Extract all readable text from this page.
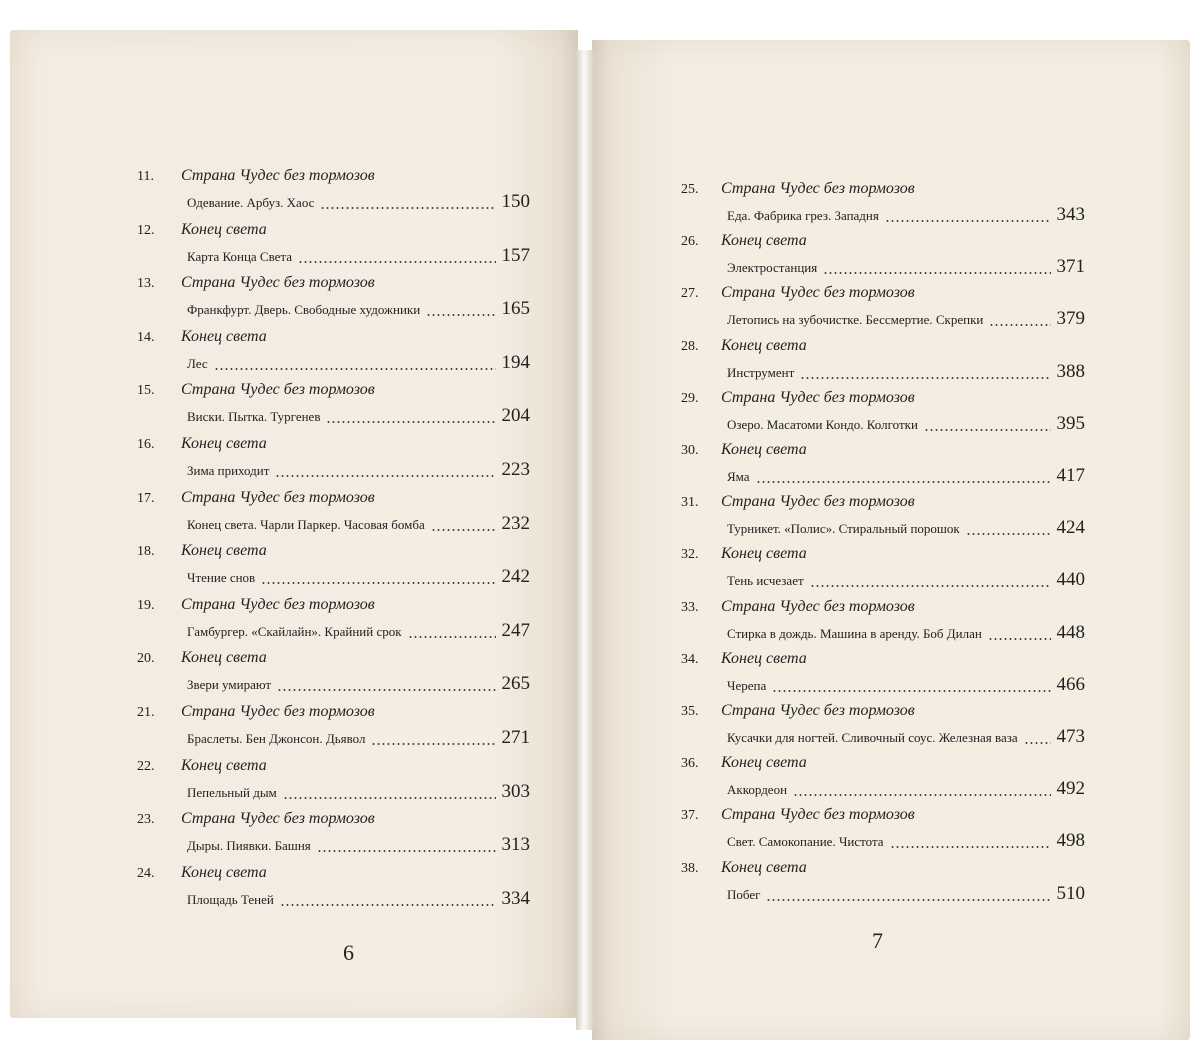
11. Страна Чудес без тормозов
Одевание. Арбуз. Хаос	150
12. Конец света
Карта Конца Света	157
13. Страна Чудес без тормозов
Франкфурт. Дверь. Свободные художники	165
14. Конец света
Лес	194
15. Страна Чудес без тормозов
Виски. Пытка. Тургенев	204
16. Конец света
Зима приходит	223
17. Страна Чудес без тормозов
Конец света. Чарли Паркер. Часовая бомба	232
18. Конец света
Чтение снов	242
19. Страна Чудес без тормозов
Гамбургер. «Скайлайн». Крайний срок	247
20. Конец света
Звери умирают	265
21. Страна Чудес без тормозов
Браслеты. Бен Джонсон. Дьявол	271
22. Конец света
Пепельный дым	303
23. Страна Чудес без тормозов
Дыры. Пиявки. Башня	313
24. Конец света
Площадь Теней	334
25. Страна Чудес без тормозов
Еда. Фабрика грез. Западня	343
26. Конец света
Электростанция	371
27. Страна Чудес без тормозов
Летопись на зубочистке. Бессмертие. Скрепки	379
28. Конец света
Инструмент	388
29. Страна Чудес без тормозов
Озеро. Масатоми Кондо. Колготки	395
30. Конец света
Яма	417
31. Страна Чудес без тормозов
Турникет. «Полис». Стиральный порошок	424
32. Конец света
Тень исчезает	440
33. Страна Чудес без тормозов
Стирка в дождь. Машина в аренду. Боб Дилан	448
34. Конец света
Черепа	466
35. Страна Чудес без тормозов
Кусачки для ногтей. Сливочный соус. Железная ваза	473
36. Конец света
Аккордеон	492
37. Страна Чудес без тормозов
Свет. Самокопание. Чистота	498
38. Конец света
Побег	510
6	7
